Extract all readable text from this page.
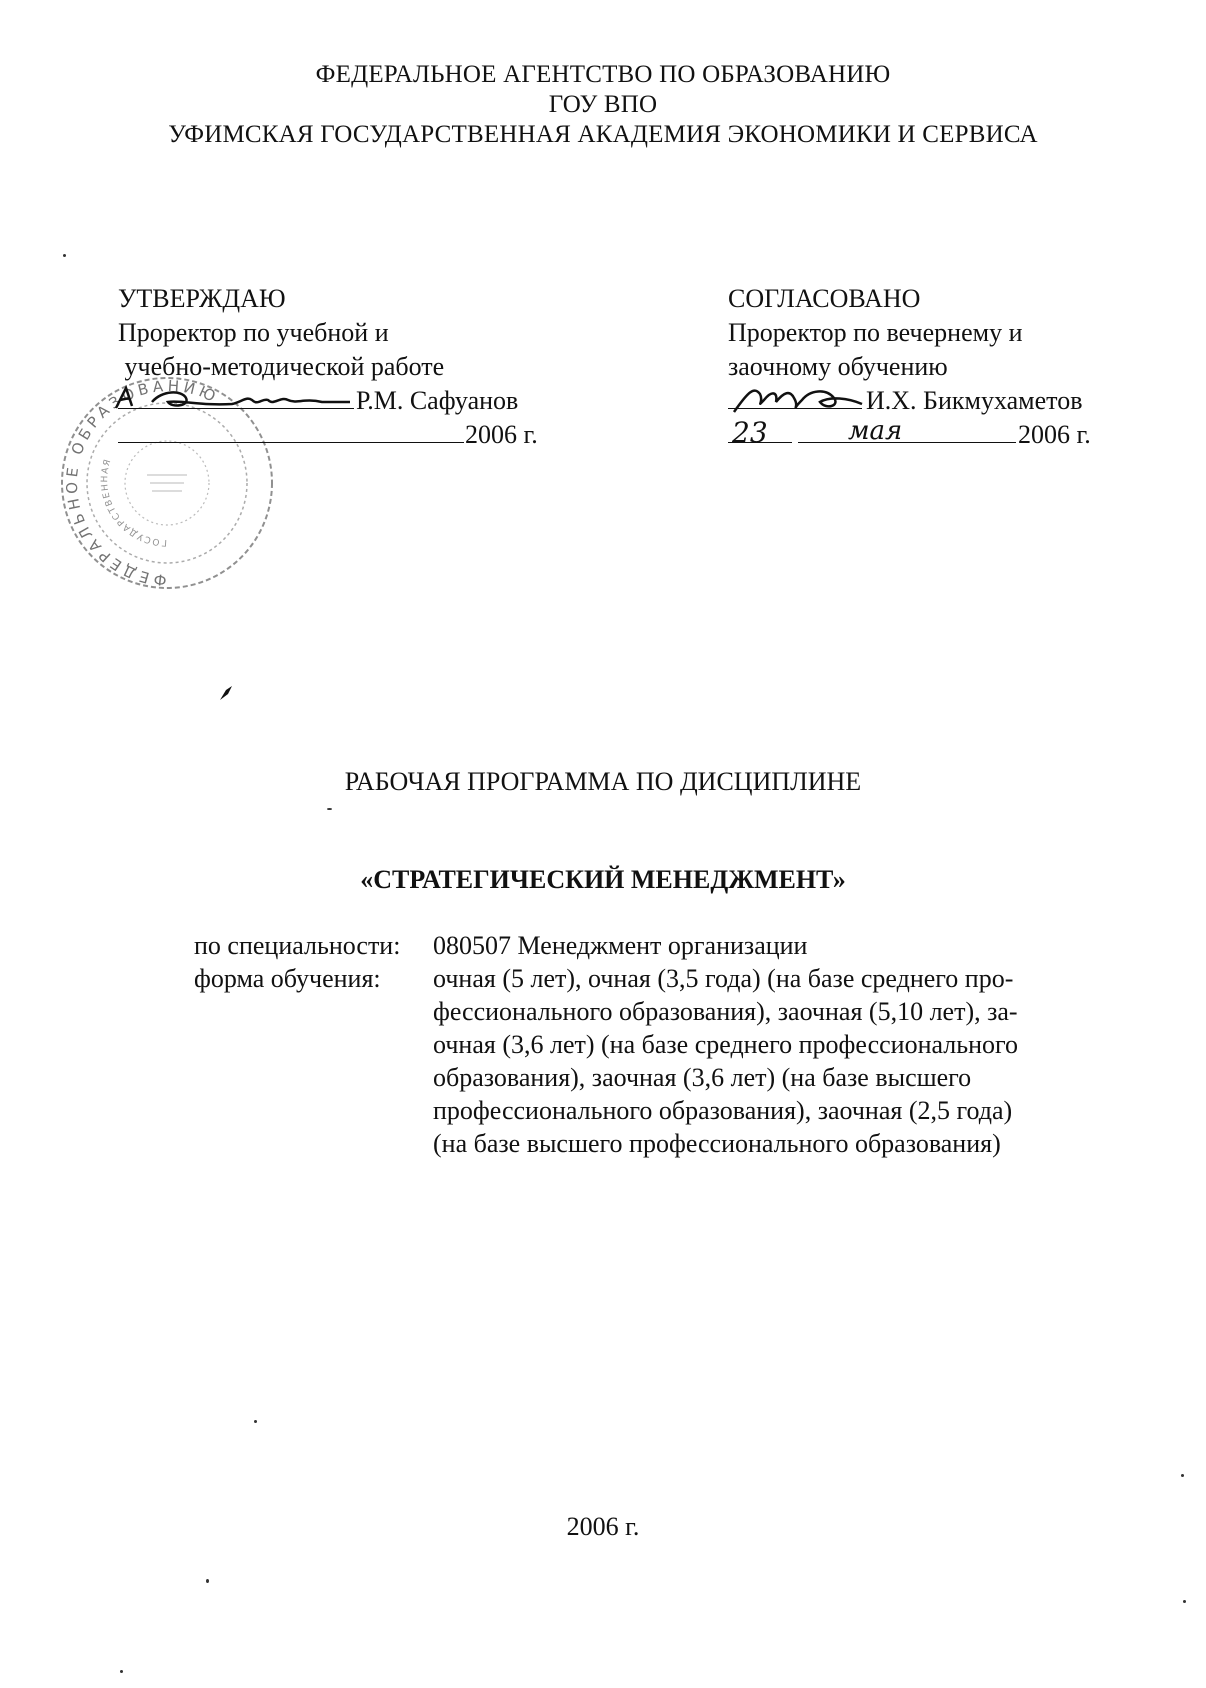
ФЕДЕРАЛЬНОЕ АГЕНТСТВО ПО ОБРАЗОВАНИЮ
ГОУ ВПО
УФИМСКАЯ ГОСУДАРСТВЕННАЯ АКАДЕМИЯ ЭКОНОМИКИ И СЕРВИСА
ФЕДЕРАЛЬНОЕ ОБРАЗОВАНИЮ
ГОСУДАРСТВЕННАЯ
УТВЕРЖДАЮ
Проректор по учебной и
учебно-методической работе
Р.М. Сафуанов
2006 г.
СОГЛАСОВАНО
Проректор по вечернему и
заочному обучению
И.Х. Бикмухаметов
23	мая	2006 г.
РАБОЧАЯ ПРОГРАММА ПО ДИСЦИПЛИНЕ
«СТРАТЕГИЧЕСКИЙ МЕНЕДЖМЕНТ»
по специальности: 080507 Менеджмент организации
форма обучения: очная (5 лет), очная (3,5 года) (на базе среднего про-
фессионального образования), заочная (5,10 лет), за-
очная (3,6 лет) (на базе среднего профессионального
образования), заочная (3,6 лет) (на базе высшего
профессионального образования), заочная (2,5 года)
(на базе высшего профессионального образования)
2006 г.
